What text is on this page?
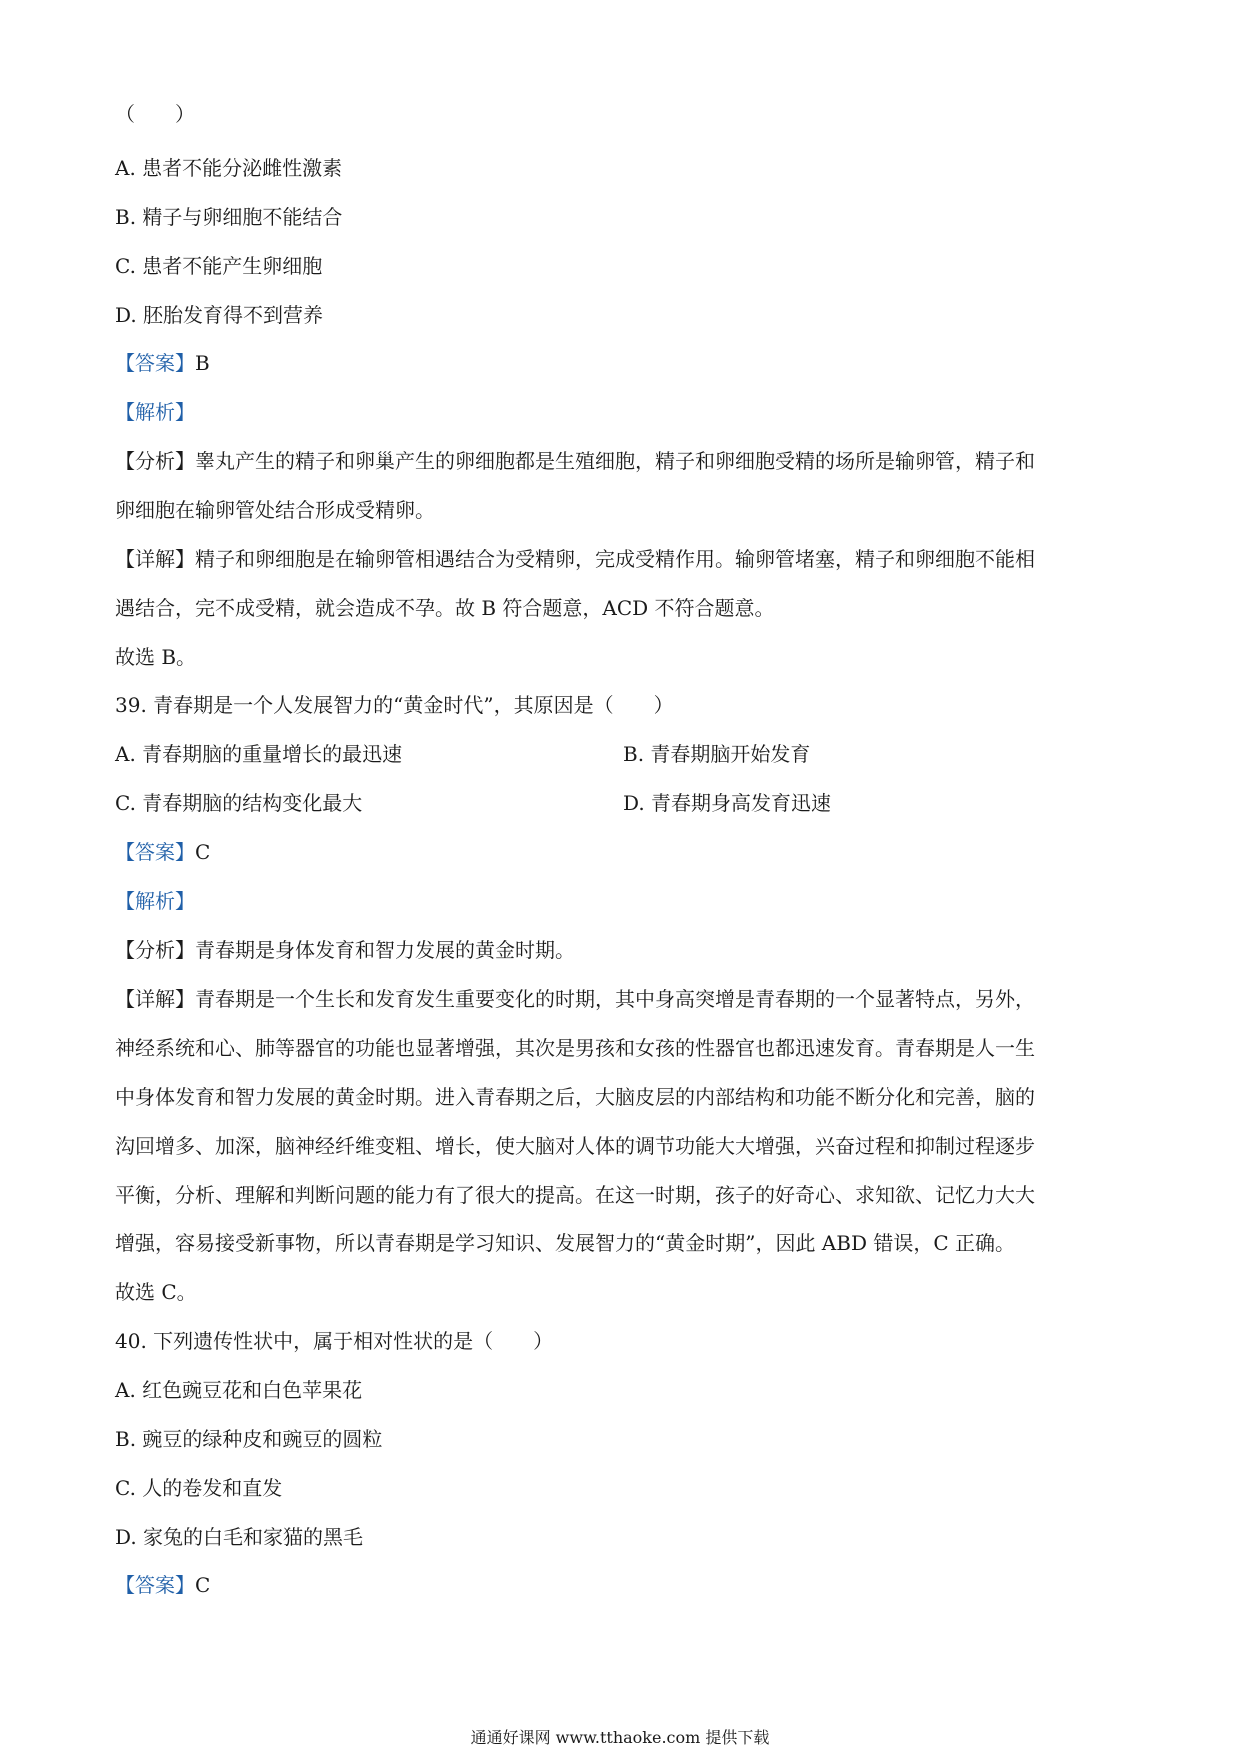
（　　）
A. 患者不能分泌雌性激素
B. 精子与卵细胞不能结合
C. 患者不能产生卵细胞
D. 胚胎发育得不到营养
【答案】B
【解析】
【分析】睾丸产生的精子和卵巢产生的卵细胞都是生殖细胞，精子和卵细胞受精的场所是输卵管，精子和
卵细胞在输卵管处结合形成受精卵。
【详解】精子和卵细胞是在输卵管相遇结合为受精卵，完成受精作用。输卵管堵塞，精子和卵细胞不能相
遇结合，完不成受精，就会造成不孕。故 B 符合题意，ACD 不符合题意。
故选 B。
39. 青春期是一个人发展智力的“黄金时代”，其原因是（　　）
A. 青春期脑的重量增长的最迅速	B. 青春期脑开始发育
C. 青春期脑的结构变化最大	D. 青春期身高发育迅速
【答案】C
【解析】
【分析】青春期是身体发育和智力发展的黄金时期。
【详解】青春期是一个生长和发育发生重要变化的时期，其中身高突增是青春期的一个显著特点，另外，
神经系统和心、肺等器官的功能也显著增强，其次是男孩和女孩的性器官也都迅速发育。青春期是人一生
中身体发育和智力发展的黄金时期。进入青春期之后，大脑皮层的内部结构和功能不断分化和完善，脑的
沟回增多、加深，脑神经纤维变粗、增长，使大脑对人体的调节功能大大增强，兴奋过程和抑制过程逐步
平衡，分析、理解和判断问题的能力有了很大的提高。在这一时期，孩子的好奇心、求知欲、记忆力大大
增强，容易接受新事物，所以青春期是学习知识、发展智力的“黄金时期”，因此 ABD 错误，C 正确。
故选 C。
40. 下列遗传性状中，属于相对性状的是（　　）
A. 红色豌豆花和白色苹果花
B. 豌豆的绿种皮和豌豆的圆粒
C. 人的卷发和直发
D. 家兔的白毛和家猫的黑毛
【答案】C
通通好课网 www.tthaoke.com 提供下载
